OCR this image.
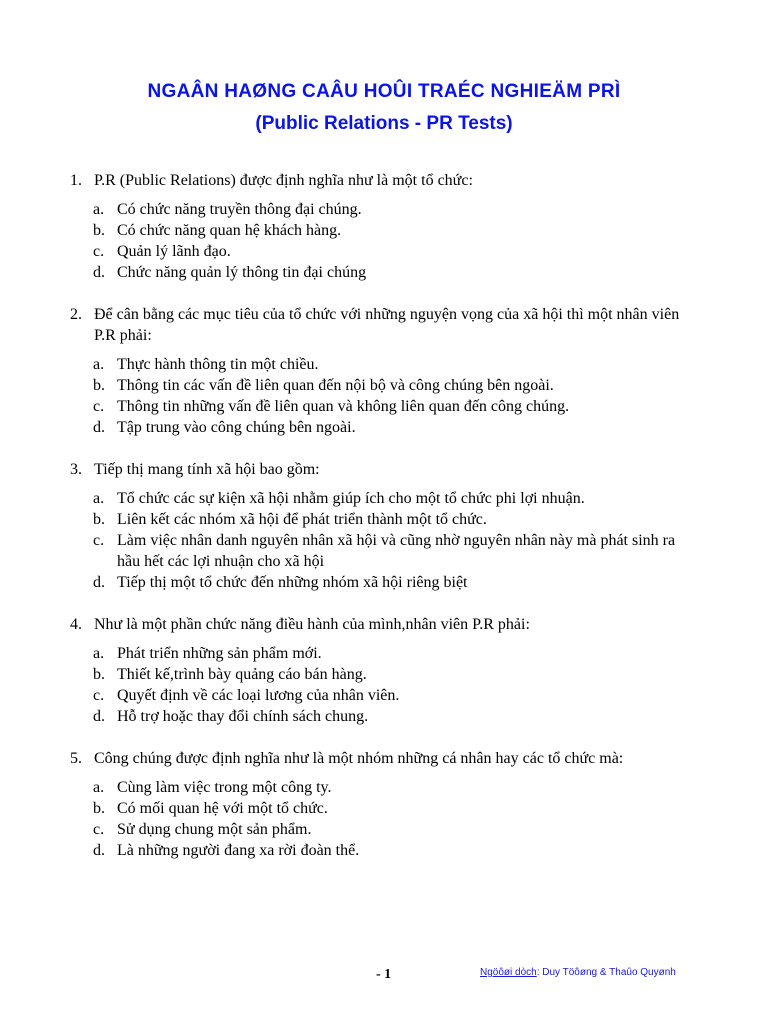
NGAÂN HAØNG CAÂU HOÛI TRAÉC NGHIEÄM PRÌ
(Public Relations - PR Tests)
1. P.R (Public Relations) được định nghĩa như là một tổ chức:
a. Có chức năng truyền thông đại chúng.
b. Có chức năng quan hệ khách hàng.
c. Quản lý lãnh đạo.
d. Chức năng quản lý thông tin đại chúng
2. Để cân bằng các mục tiêu của tổ chức với những nguyện vọng của xã hội thì một nhân viên P.R phải:
a. Thực hành thông tin một chiều.
b. Thông tin các vấn đề liên quan đến nội bộ và công chúng bên ngoài.
c. Thông tin những vấn đề liên quan và không liên quan đến công chúng.
d. Tập trung vào công chúng bên ngoài.
3. Tiếp thị mang tính xã hội bao gồm:
a. Tổ chức các sự kiện xã hội nhằm giúp ích cho một tổ chức phi lợi nhuận.
b. Liên kết các nhóm xã hội để phát triển thành một tổ chức.
c. Làm việc nhân danh nguyên nhân xã hội và cũng nhờ nguyên nhân này mà phát sinh ra hầu hết các lợi nhuận cho xã hội
d. Tiếp thị một tổ chức đến những nhóm xã hội riêng biệt
4. Như là một phần chức năng điều hành của mình,nhân viên P.R phải:
a. Phát triển những sản phẩm mới.
b. Thiết kế,trình bày quảng cáo bán hàng.
c. Quyết định về các loại lương của nhân viên.
d. Hỗ trợ hoặc thay đổi chính sách chung.
5. Công chúng được định nghĩa như là một nhóm những cá nhân hay các tổ chức mà:
a. Cùng làm việc trong một công ty.
b. Có mối quan hệ với một tổ chức.
c. Sử dụng chung một sản phẩm.
d. Là những người đang xa rời đoàn thể.
- 1	Ngöôøi dòch: Duy Töôøng & Thaûo Quyønh
